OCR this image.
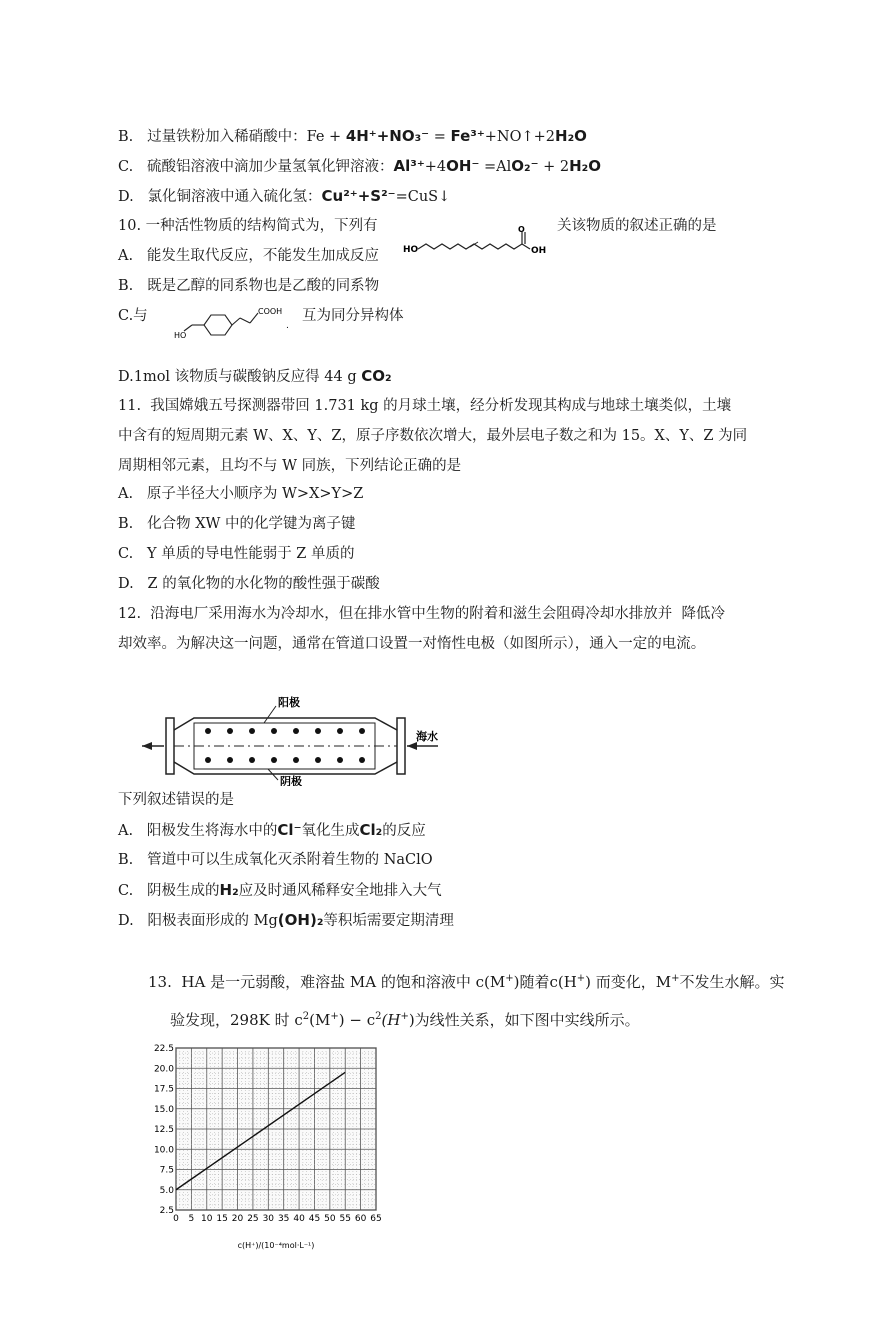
B. 过量铁粉加入稀硝酸中：Fe + 4H⁺+NO₃⁻ = Fe³⁺+NO↑+2H₂O
C. 硫酸铝溶液中滴加少量氢氧化钾溶液：Al³⁺+4OH⁻ =AlO₂⁻ + 2H₂O
D. 氯化铜溶液中通入硫化氢：Cu²⁺+S²⁻=CuS↓
10. 一种活性物质的结构简式为，下列有	关该物质的叙述正确的是
HO
O
OH
A. 能发生取代反应，不能发生加成反应
B. 既是乙醇的同系物也是乙酸的同系物
C.与
HO
COOH
.
互为同分异构体
D.1mol 该物质与碳酸钠反应得 44 g CO₂
11.  我国嫦娥五号探测器带回 1.731 kg 的月球土壤，经分析发现其构成与地球土壤类似，土壤
中含有的短周期元素 W、X、Y、Z，原子序数依次增大，最外层电子数之和为 15。X、Y、Z 为同
周期相邻元素，且均不与 W 同族，下列结论正确的是
A. 原子半径大小顺序为 W>X>Y>Z
B. 化合物 XW 中的化学键为离子键
C. Y 单质的导电性能弱于 Z 单质的
D. Z 的氧化物的水化物的酸性强于碳酸
12.  沿海电厂采用海水为冷却水，但在排水管中生物的附着和滋生会阻碍冷却水排放并  降低冷
却效率。为解决这一问题，通常在管道口设置一对惰性电极（如图所示），通入一定的电流。
阳极
阴极
海水
下列叙述错误的是
A. 阳极发生将海水中的Cl⁻氧化生成Cl₂的反应
B. 管道中可以生成氧化灭杀附着生物的 NaClO
C. 阴极生成的H₂应及时通风稀释安全地排入大气
D. 阳极表面形成的 Mg(OH)₂等积垢需要定期清理
13. HA 是一元弱酸，难溶盐 MA 的饱和溶液中 c(M+)随着c(H+) 而变化，M+不发生水解。实
验发现，298K 时 $c^2(M^+) - c^2(H^+)$为线性关系，如下图中实线所示。
2.5
5.0
7.5
10.0
12.5
15.0
17.5
20.0
22.5
0 5 10 15 20 25 30 35 40 45 50 55 60 65
c(H⁺)/(10⁻⁴mol·L⁻¹)
